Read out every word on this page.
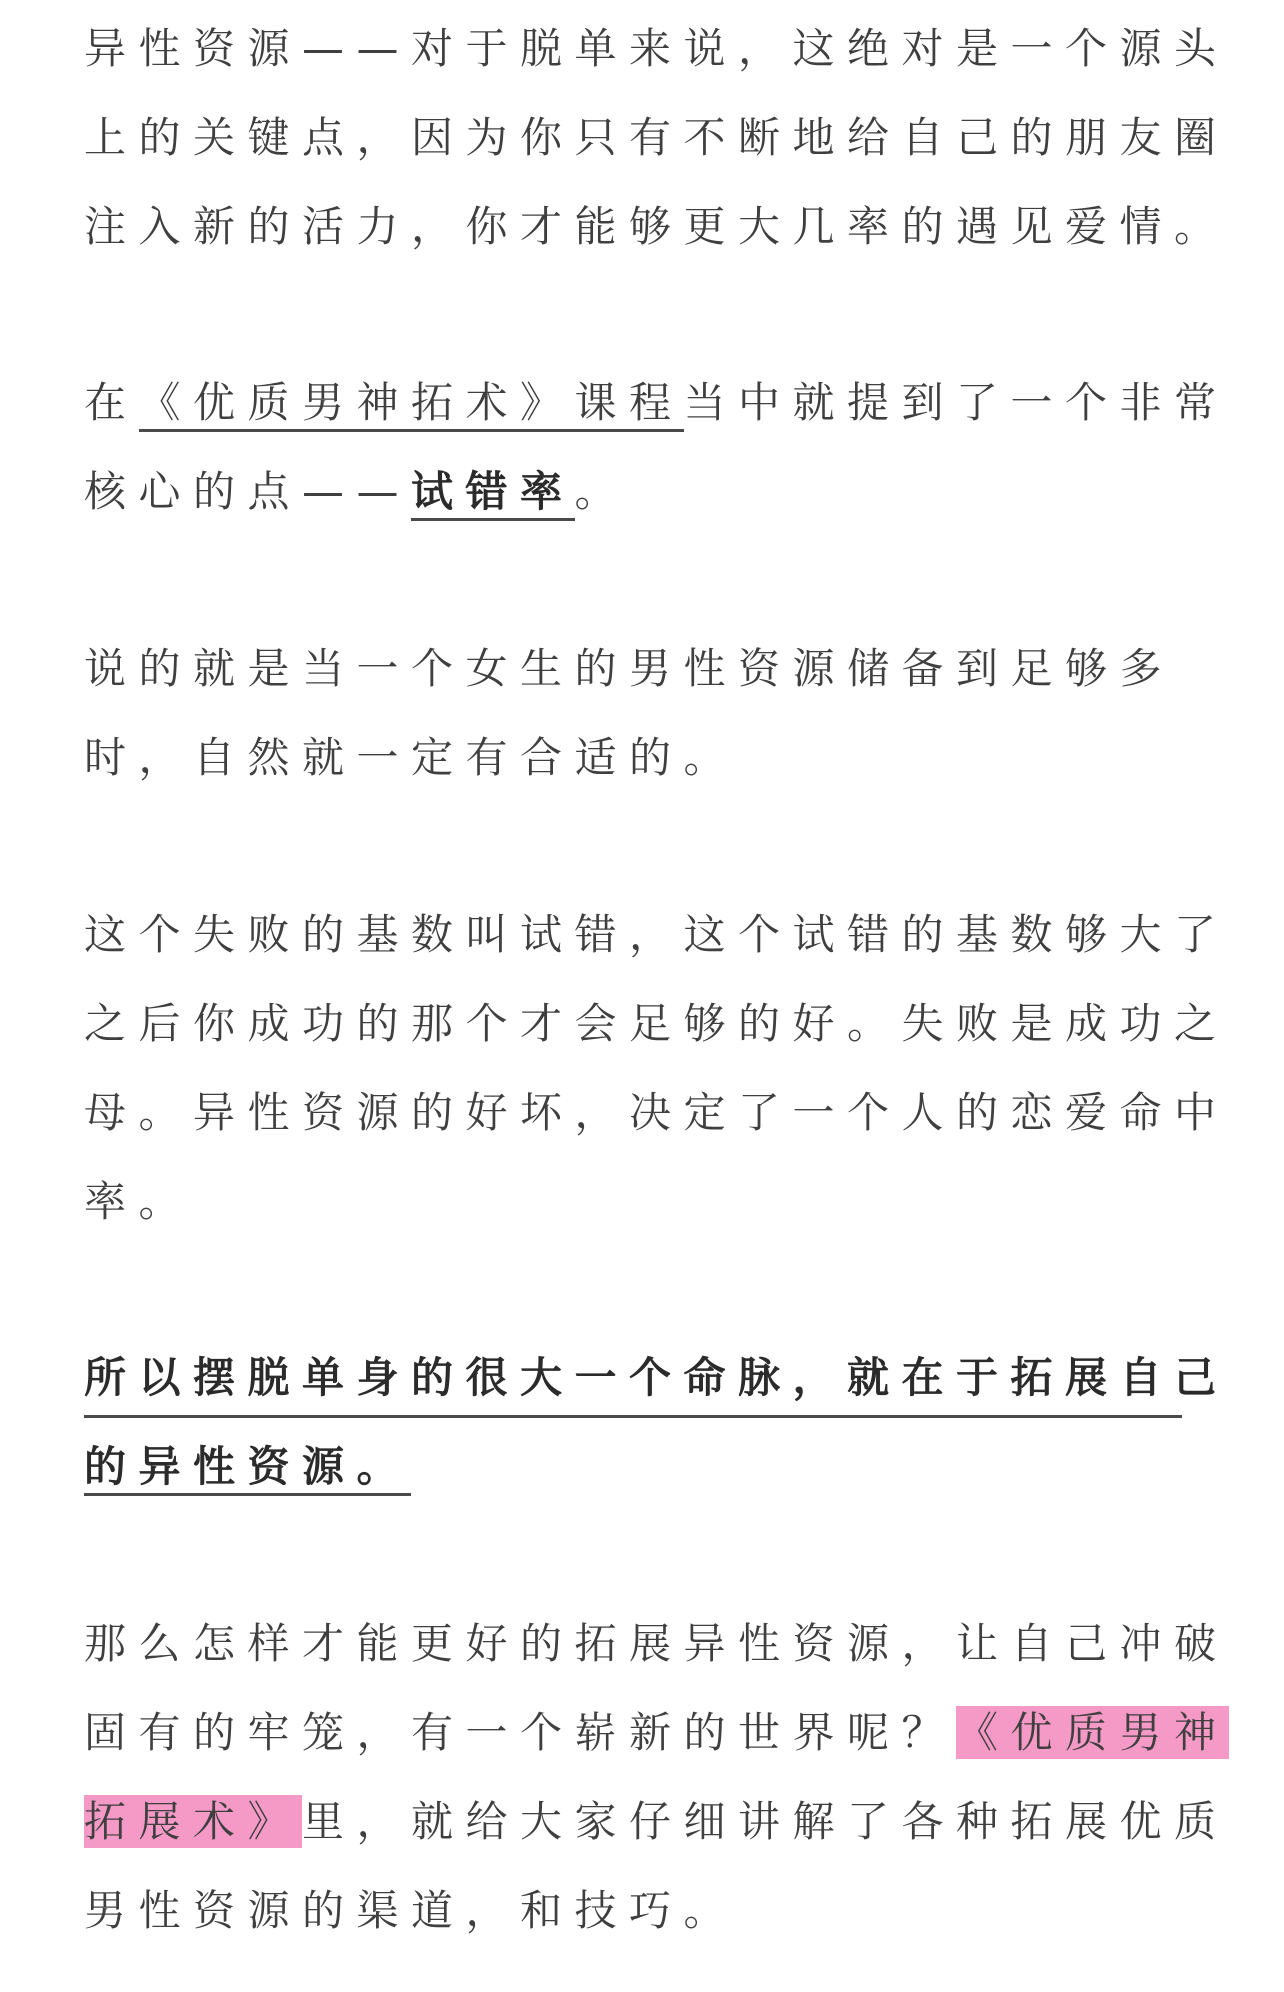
异性资源——对于脱单来说，这绝对是一个源头
上的关键点，因为你只有不断地给自己的朋友圈
注入新的活力，你才能够更大几率的遇见爱情。
在《优质男神拓术》课程当中就提到了一个非常
核心的点——试错率。
说的就是当一个女生的男性资源储备到足够多
时，自然就一定有合适的。
这个失败的基数叫试错，这个试错的基数够大了
之后你成功的那个才会足够的好。失败是成功之
母。异性资源的好坏，决定了一个人的恋爱命中
率。
所以摆脱单身的很大一个命脉，就在于拓展自己
的异性资源。
那么怎样才能更好的拓展异性资源，让自己冲破
固有的牢笼，有一个崭新的世界呢？《优质男神
拓展术》里，就给大家仔细讲解了各种拓展优质
男性资源的渠道，和技巧。
